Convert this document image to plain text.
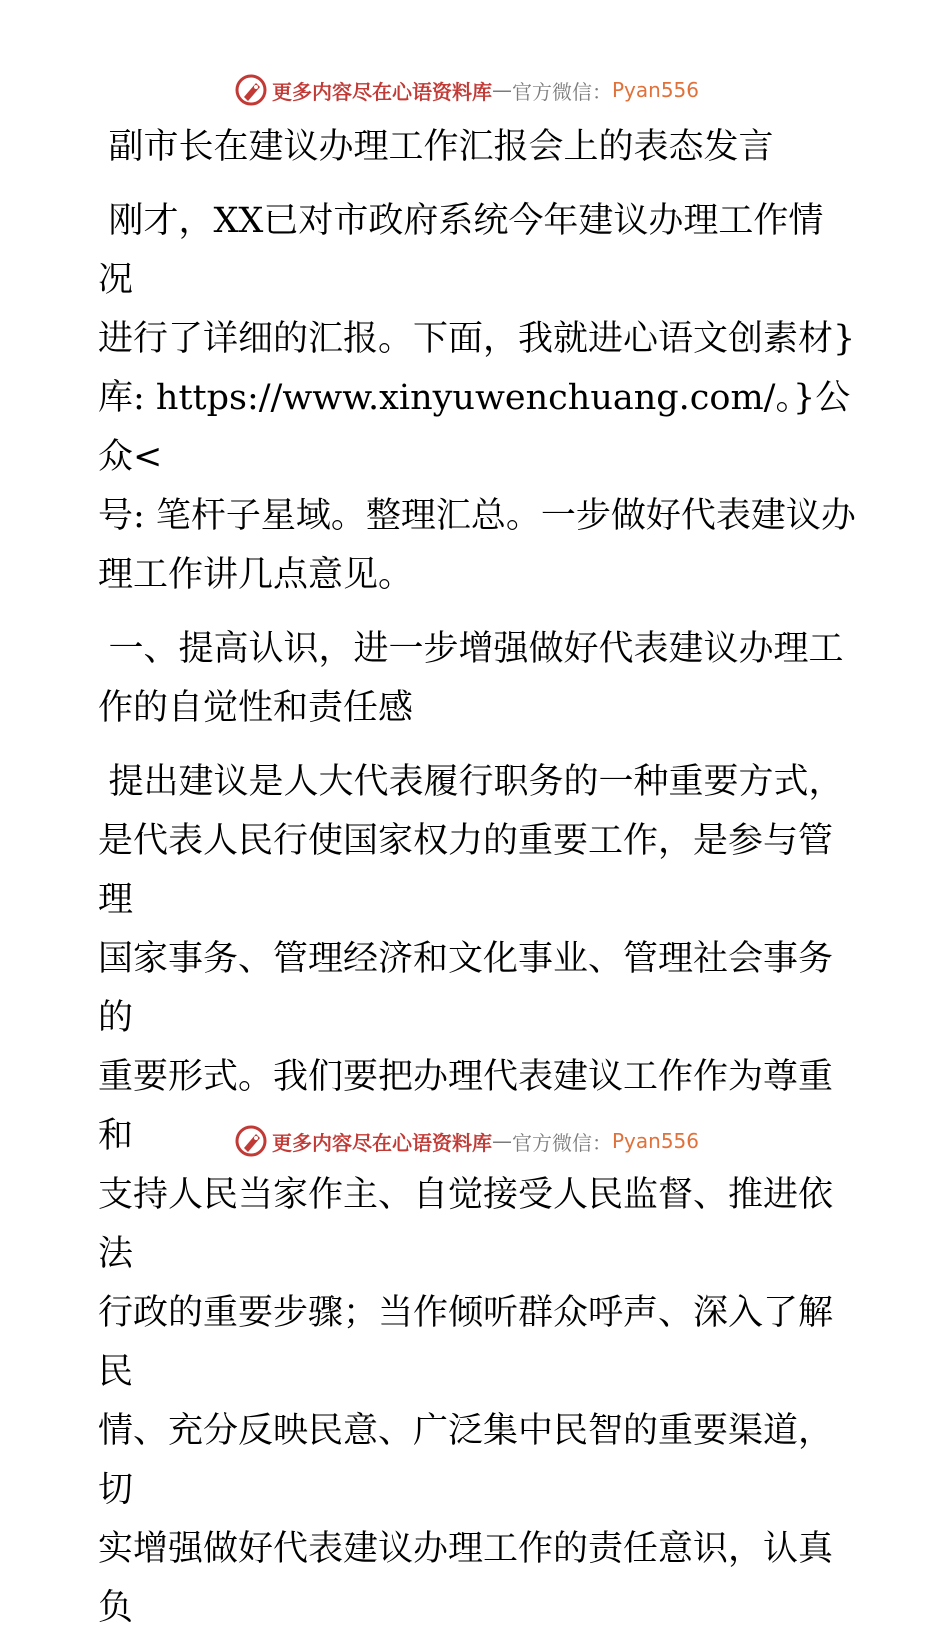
更多内容尽在心语资料库 — 官方微信： Pyan556

副市长在建议办理工作汇报会上的表态发言

刚才，XX已对市政府系统今年建议办理工作情况

进行了详细的汇报。下面，我就进心语文创素材}

库: https://www.xinyuwenchuang.com/。}公众<

号: 笔杆子星域。整理汇总。一步做好代表建议办

理工作讲几点意见。

一、提高认识，进一步增强做好代表建议办理工

作的自觉性和责任感

提出建议是人大代表履行职务的一种重要方式，

是代表人民行使国家权力的重要工作，是参与管理

国家事务、管理经济和文化事业、管理社会事务的

重要形式。我们要把办理代表建议工作作为尊重和

支持人民当家作主、自觉接受人民监督、推进依法

行政的重要步骤；当作倾听群众呼声、深入了解民

情、充分反映民意、广泛集中民智的重要渠道，切

实增强做好代表建议办理工作的责任意识，认真负

更多内容尽在心语资料库 — 官方微信： Pyan556
